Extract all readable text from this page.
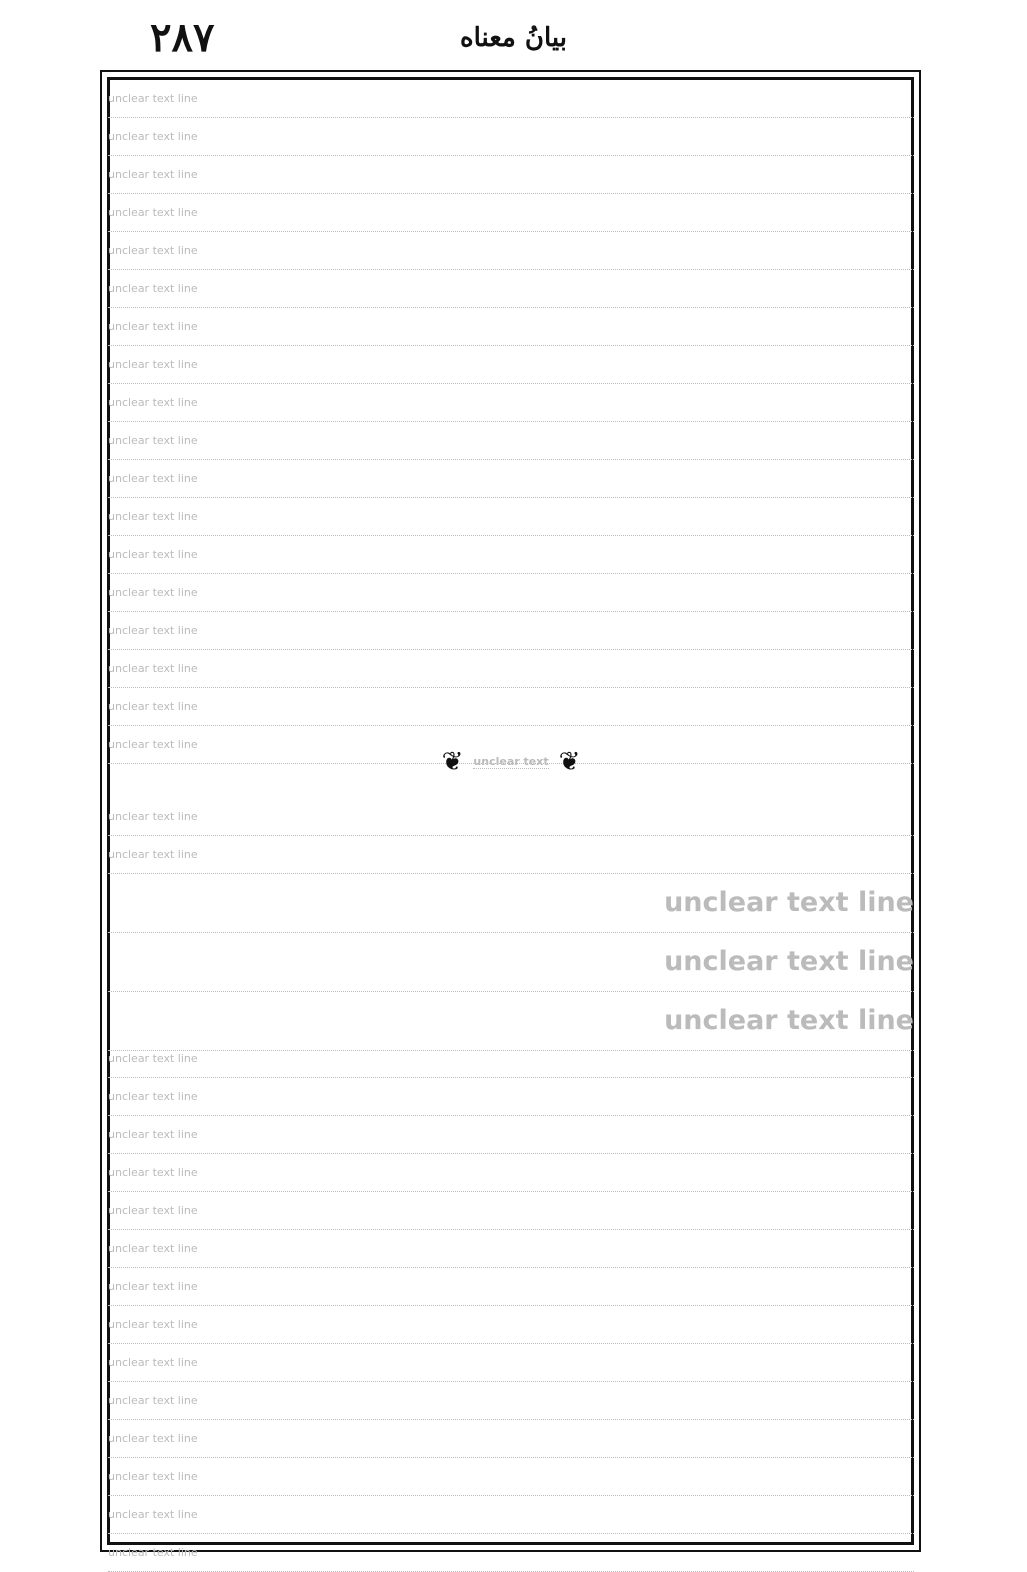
٢٨٧	بيانُ معناه
unclear text line
unclear text line
unclear text line
unclear text line
unclear text line
unclear text line
unclear text line
unclear text line
unclear text line
unclear text line
unclear text line
unclear text line
unclear text line
unclear text line
unclear text line
unclear text line
unclear text line
unclear text line
❦
unclear text
❦
unclear text line
unclear text line
unclear text line
unclear text line
unclear text line
unclear text line
unclear text line
unclear text line
unclear text line
unclear text line
unclear text line
unclear text line
unclear text line
unclear text line
unclear text line
unclear text line
unclear text line
unclear text line
unclear text line
